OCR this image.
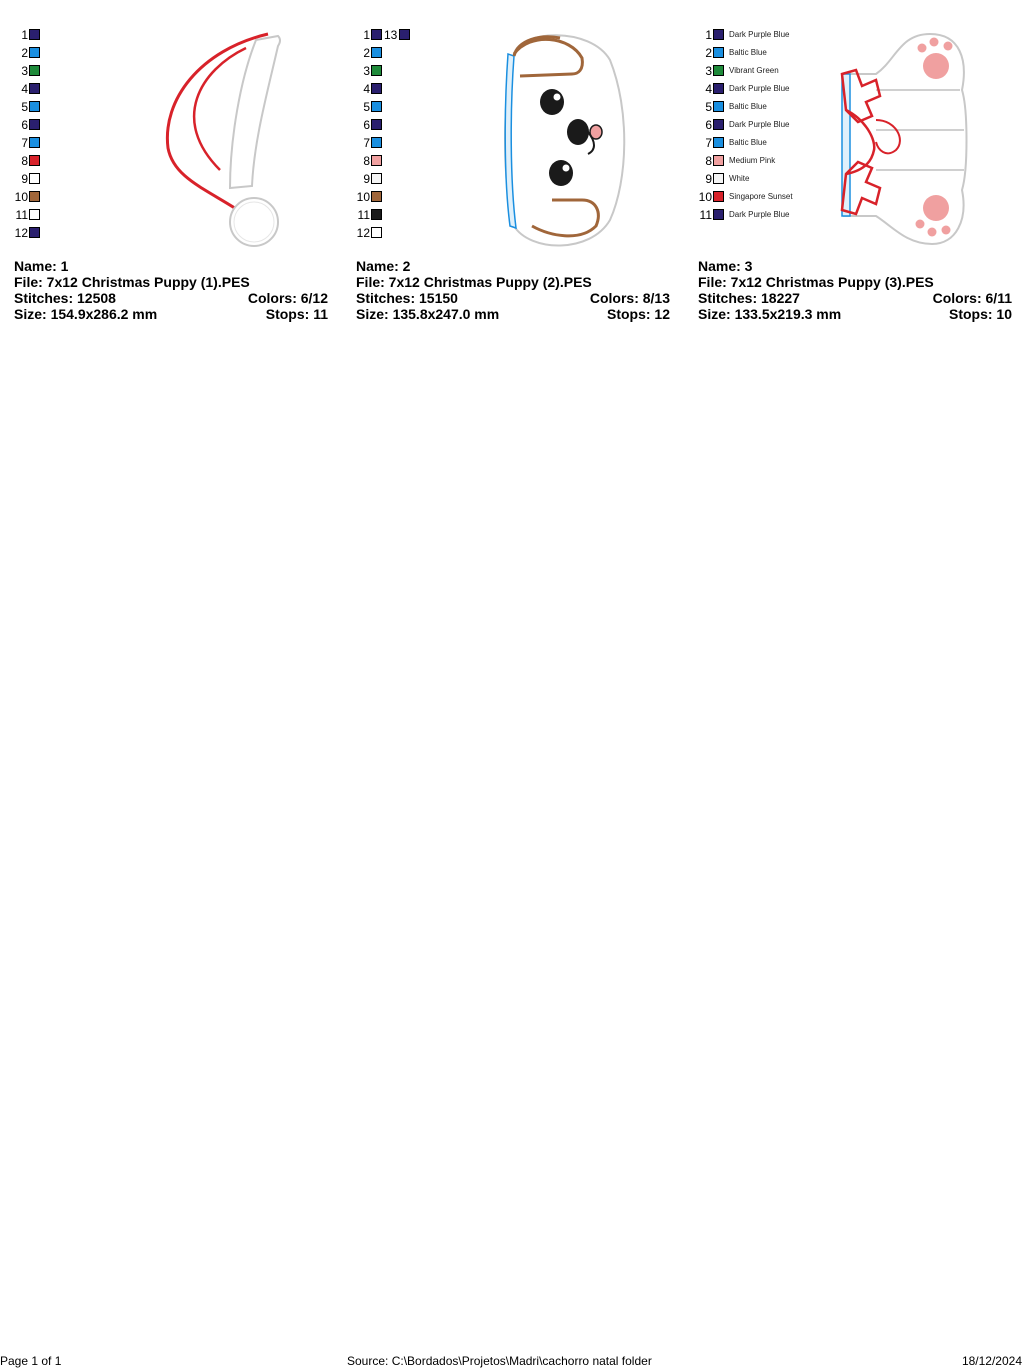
1
2
3
4
5
6
7
8
9
10
11
12
Name: 1
File: 7x12 Christmas Puppy (1).PES
Stitches: 12508	Colors: 6/12
Size: 154.9x286.2 mm	Stops: 11
1 13
2
3
4
5
6
7
8
9
10
11
12
Name: 2
File: 7x12 Christmas Puppy (2).PES
Stitches: 15150	Colors: 8/13
Size: 135.8x247.0 mm	Stops: 12
1 Dark Purple Blue
2 Baltic Blue
3 Vibrant Green
4 Dark Purple Blue
5 Baltic Blue
6 Dark Purple Blue
7 Baltic Blue
8 Medium Pink
9 White
10 Singapore Sunset
11 Dark Purple Blue
Name: 3
File: 7x12 Christmas Puppy (3).PES
Stitches: 18227	Colors: 6/11
Size: 133.5x219.3 mm	Stops: 10
Page 1 of 1	Source: C:\Bordados\Projetos\Madri\cachorro natal folder	18/12/2024
